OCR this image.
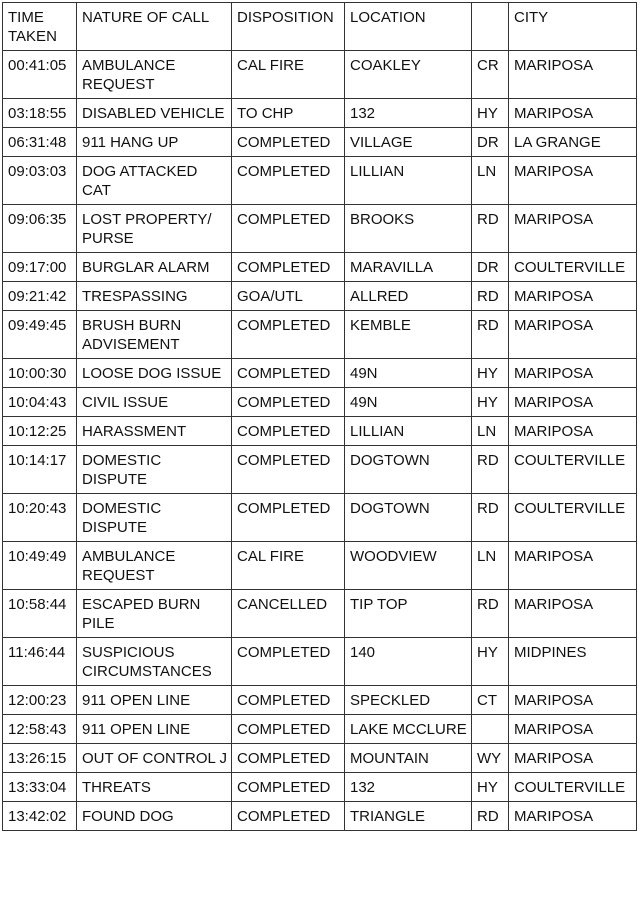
TIME TAKEN	NATURE OF CALL	DISPOSITION	LOCATION		CITY
00:41:05	AMBULANCE REQUEST	CAL FIRE	COAKLEY	CR	MARIPOSA
03:18:55	DISABLED VEHICLE	TO CHP	132	HY	MARIPOSA
06:31:48	911 HANG UP	COMPLETED	VILLAGE	DR	LA GRANGE
09:03:03	DOG ATTACKED CAT	COMPLETED	LILLIAN	LN	MARIPOSA
09:06:35	LOST PROPERTY/ PURSE	COMPLETED	BROOKS	RD	MARIPOSA
09:17:00	BURGLAR ALARM	COMPLETED	MARAVILLA	DR	COULTERVILLE
09:21:42	TRESPASSING	GOA/UTL	ALLRED	RD	MARIPOSA
09:49:45	BRUSH BURN ADVISEMENT	COMPLETED	KEMBLE	RD	MARIPOSA
10:00:30	LOOSE DOG ISSUE	COMPLETED	49N	HY	MARIPOSA
10:04:43	CIVIL ISSUE	COMPLETED	49N	HY	MARIPOSA
10:12:25	HARASSMENT	COMPLETED	LILLIAN	LN	MARIPOSA
10:14:17	DOMESTIC DISPUTE	COMPLETED	DOGTOWN	RD	COULTERVILLE
10:20:43	DOMESTIC DISPUTE	COMPLETED	DOGTOWN	RD	COULTERVILLE
10:49:49	AMBULANCE REQUEST	CAL FIRE	WOODVIEW	LN	MARIPOSA
10:58:44	ESCAPED BURN PILE	CANCELLED	TIP TOP	RD	MARIPOSA
11:46:44	SUSPICIOUS CIRCUMSTANCES	COMPLETED	140	HY	MIDPINES
12:00:23	911 OPEN LINE	COMPLETED	SPECKLED	CT	MARIPOSA
12:58:43	911 OPEN LINE	COMPLETED	LAKE MCCLURE		MARIPOSA
13:26:15	OUT OF CONTROL J	COMPLETED	MOUNTAIN	WY	MARIPOSA
13:33:04	THREATS	COMPLETED	132	HY	COULTERVILLE
13:42:02	FOUND DOG	COMPLETED	TRIANGLE	RD	MARIPOSA
